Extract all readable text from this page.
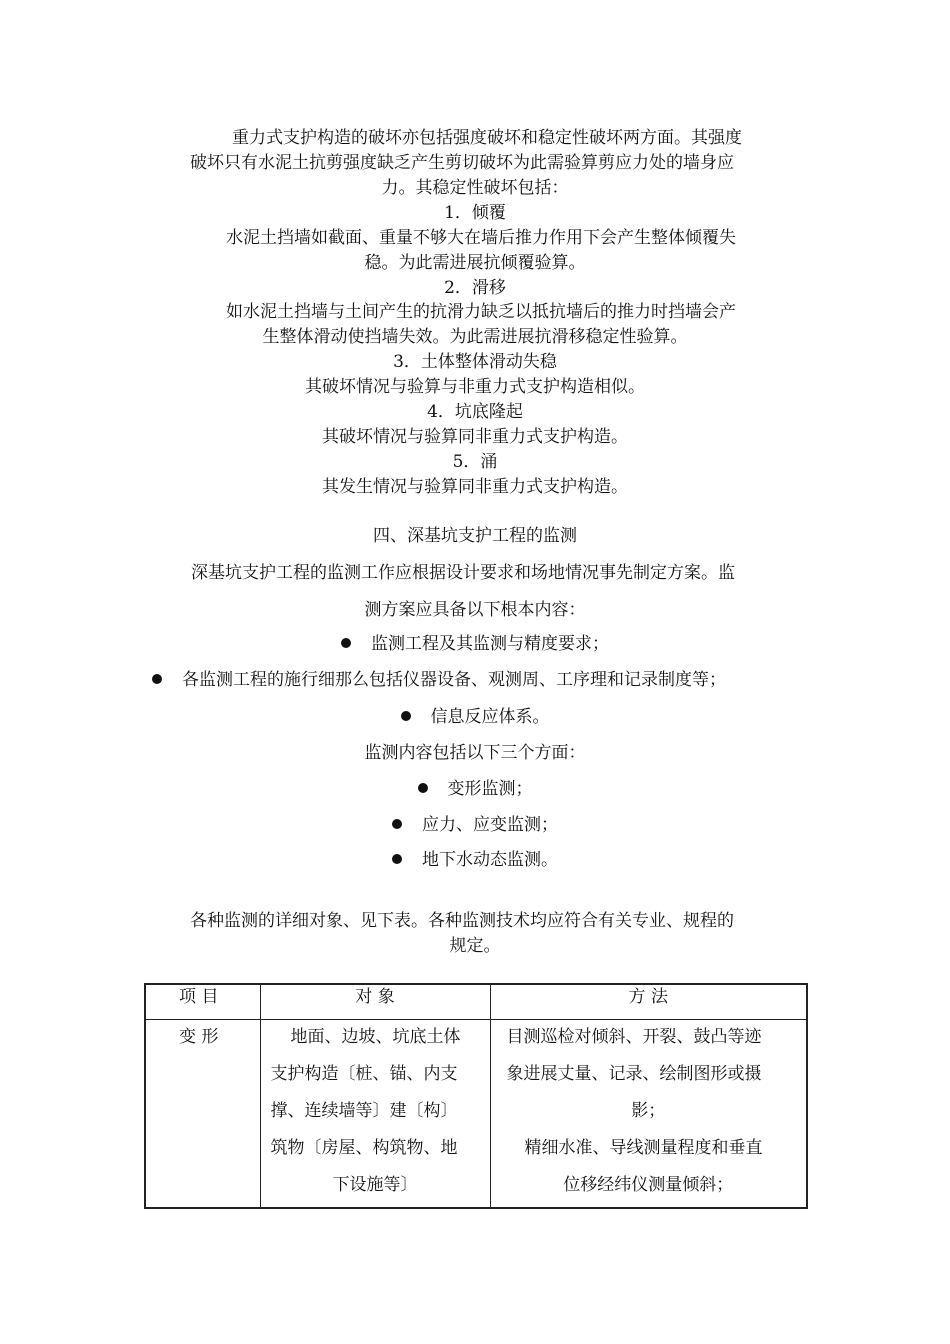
重力式支护构造的破坏亦包括强度破坏和稳定性破坏两方面。其强度
破坏只有水泥土抗剪强度缺乏产生剪切破坏为此需验算剪应力处的墙身应
力。其稳定性破坏包括：
1．倾覆
水泥土挡墙如截面、重量不够大在墙后推力作用下会产生整体倾覆失
稳。为此需进展抗倾覆验算。
2．滑移
如水泥土挡墙与土间产生的抗滑力缺乏以抵抗墙后的推力时挡墙会产
生整体滑动使挡墙失效。为此需进展抗滑移稳定性验算。
3．土体整体滑动失稳
其破坏情况与验算与非重力式支护构造相似。
4．坑底隆起
其破坏情况与验算同非重力式支护构造。
5．涌
其发生情况与验算同非重力式支护构造。
四、深基坑支护工程的监测
深基坑支护工程的监测工作应根据设计要求和场地情况事先制定方案。监
测方案应具备以下根本内容：
监测工程及其监测与精度要求；
各监测工程的施行细那么包括仪器设备、观测周、工序理和记录制度等；
信息反应体系。
监测内容包括以下三个方面：
变形监测；
应力、应变监测；
地下水动态监测。
各种监测的详细对象、见下表。各种监测技术均应符合有关专业、规程的
规定。
项 目	对 象	方 法

变 形	地面、边坡、坑底土体
支护构造〔桩、锚、内支
撑、连续墙等〕建〔构〕
筑物〔房屋、构筑物、地
下设施等〕	目测巡检对倾斜、开裂、鼓凸等迹
象进展丈量、记录、绘制图形或摄
影；
精细水准、导线测量程度和垂直
位移经纬仪测量倾斜；
